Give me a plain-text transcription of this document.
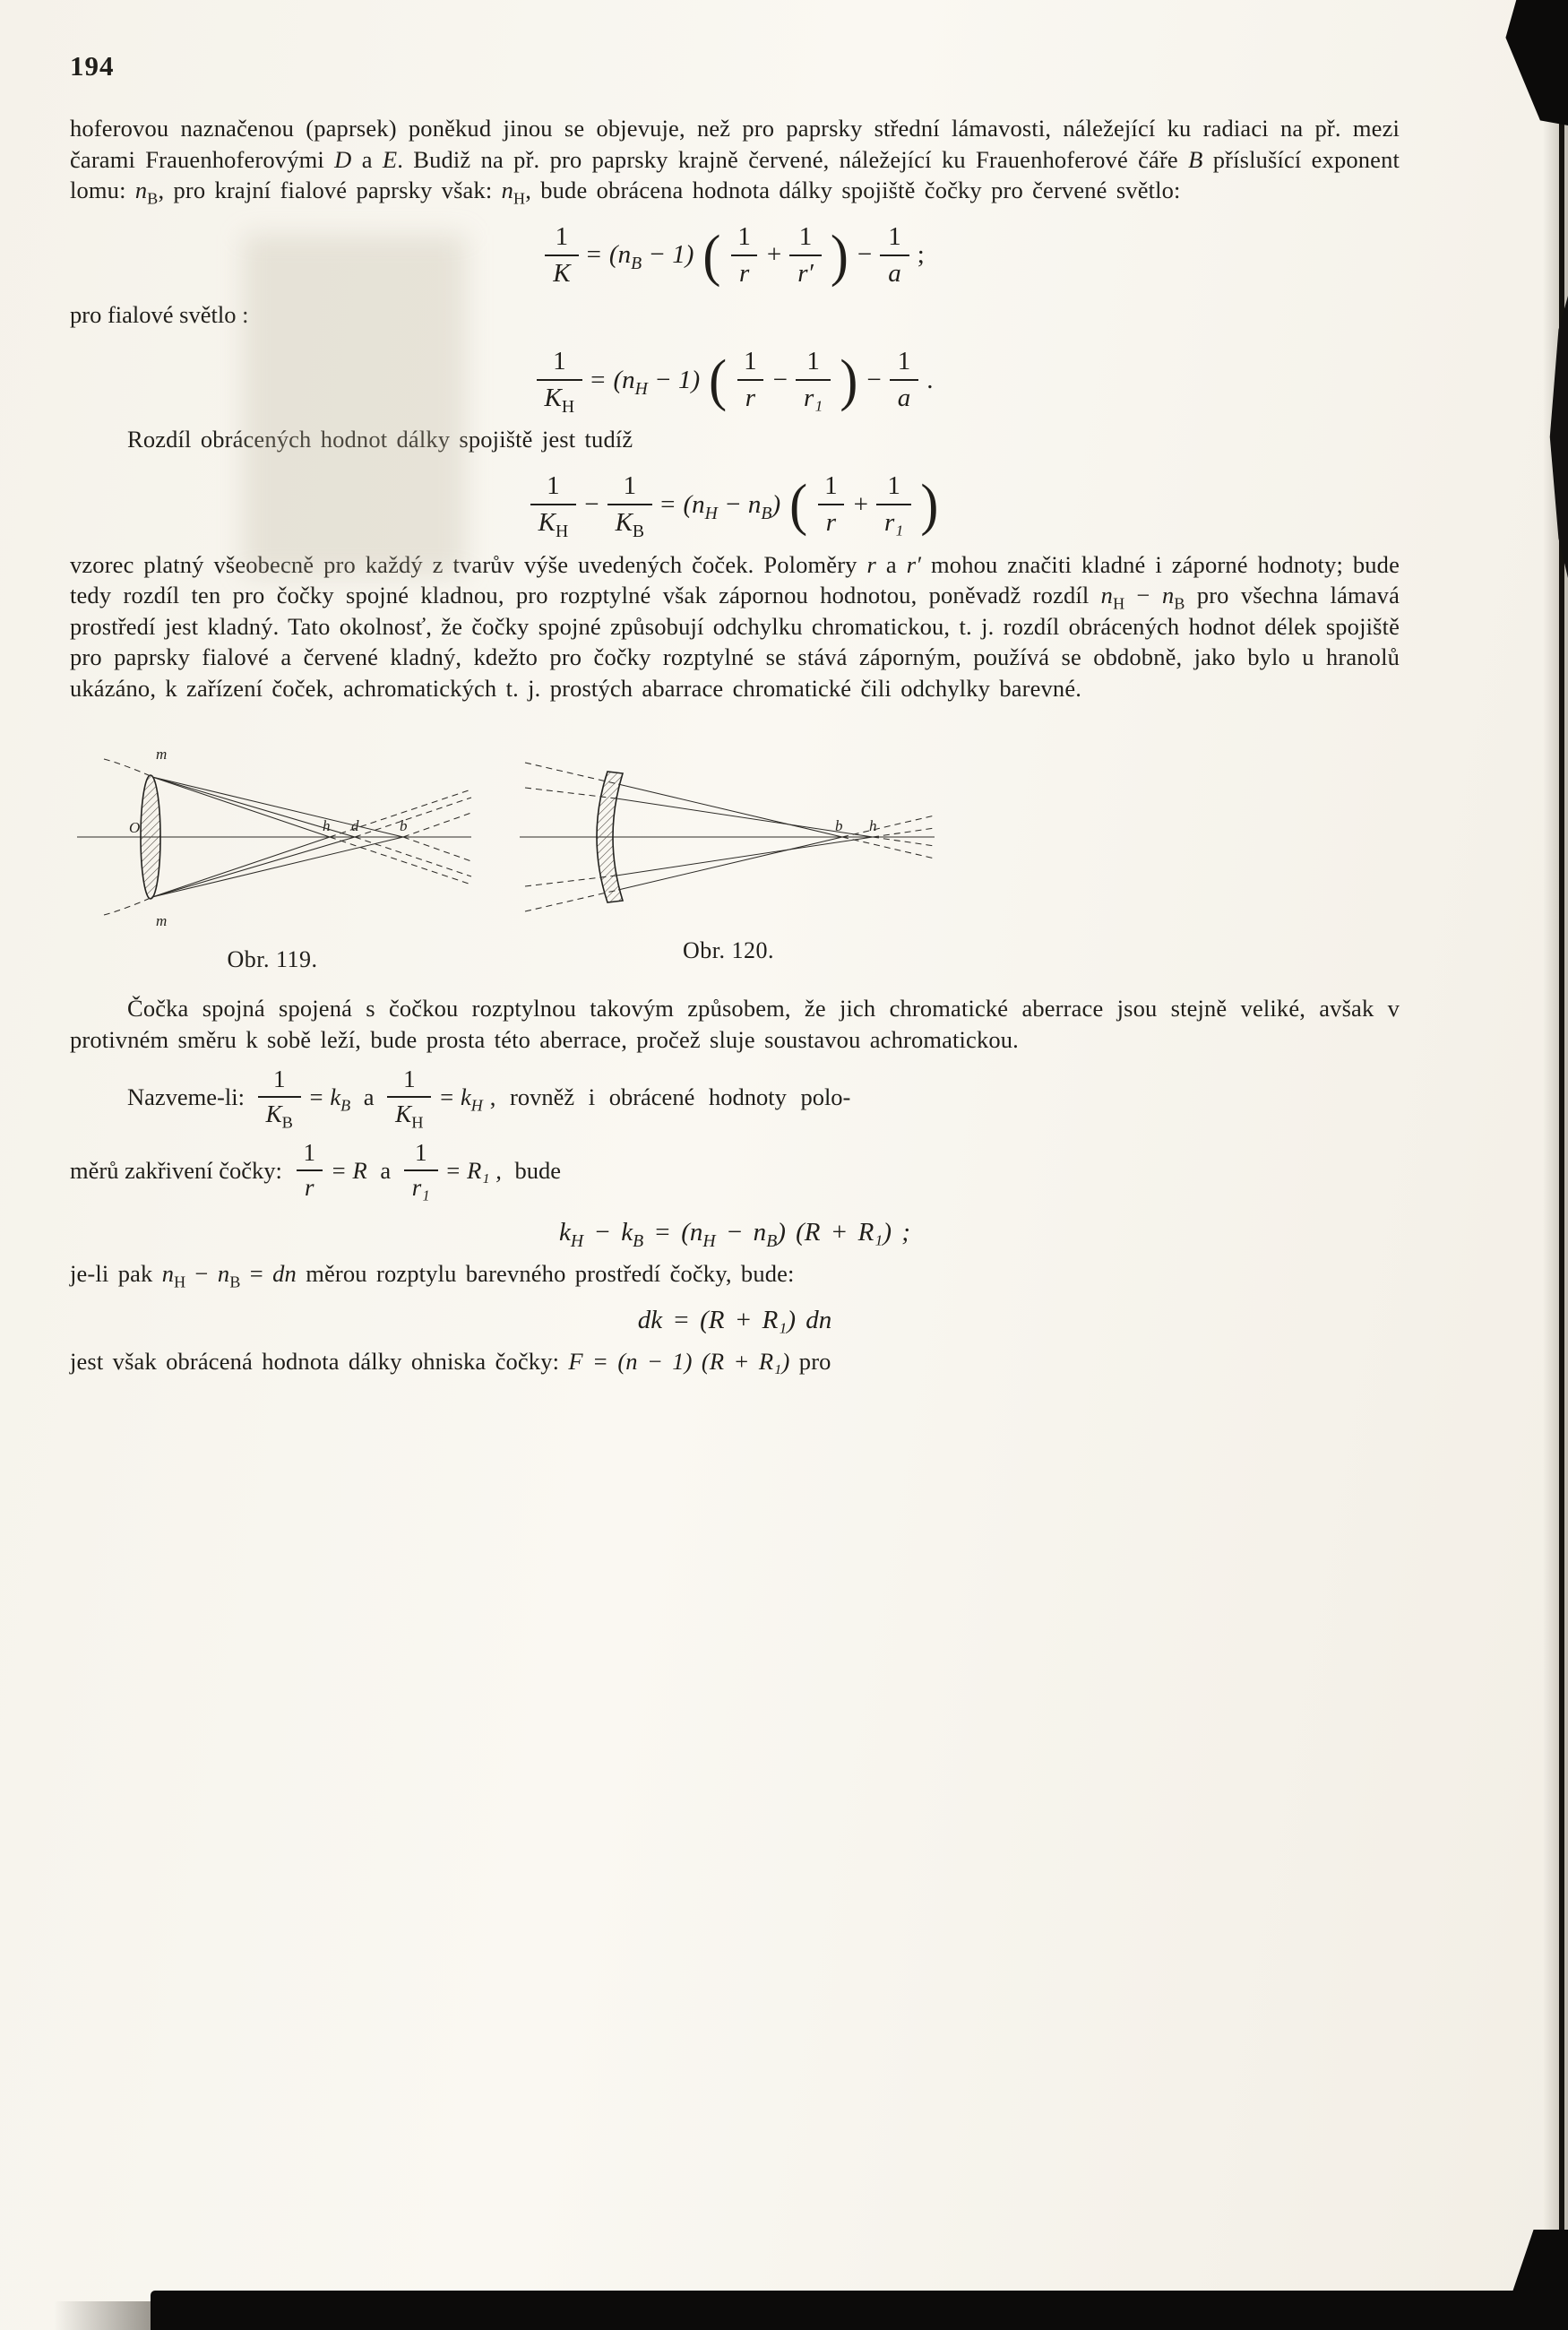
194

hoferovou naznačenou (paprsek) poněkud jinou se objevuje, než pro paprsky střední lámavosti, náležející ku radiaci na př. mezi čarami Frauenhoferovými D a E. Budiž na př. pro paprsky krajně červené, náležející ku Frauenhoferové čáře B příslušící exponent lomu: $n_B$, pro krajní fialové paprsky však: $n_H$, bude obrácena hodnota dálky spojiště čočky pro červené světlo:

$\frac{1}{K} = (n_B - 1)$ ( $\frac{1}{r} + \frac{1}{r'}$ ) − $\frac{1}{a}$ ;

pro fialové světlo :

$\frac{1}{K_H} = (n_H - 1)$ ( $\frac{1}{r} - \frac{1}{\text{r₁}}$ ) − $\frac{1}{a}$ .

Rozdíl obrácených hodnot dálky spojiště jest tudíž

$\frac{1}{K_H} - \frac{1}{K_B} = (n_H - n_B)$ ( $\frac{1}{r} + \frac{1}{\text{r₁}}$ )

vzorec platný všeobecně pro každý z tvarův výše uvedených čoček. Poloměry r a r′ mohou značiti kladné i záporné hodnoty; bude tedy rozdíl ten pro čočky spojné kladnou, pro rozptylné však zápornou hodnotou, poněvadž rozdíl $n_H - n_B$ pro všechna lámavá prostředí jest kladný. Tato okolnosť, že čočky spojné způsobují odchylku chromatickou, t. j. rozdíl obrácených hodnot délek spojiště pro paprsky fialové a červené kladný, kdežto pro čočky rozptylné se stává záporným, používá se obdobně, jako bylo u hranolů ukázáno, k zařízení čoček, achromatických t. j. prostých abarrace chromatické čili odchylky barevné.

m
O
m
h d	b
Obr. 119.
b h
Obr. 120.

Čočka spojná spojená s čočkou rozptylnou takovým způsobem, že jich chromatické aberrace jsou stejně veliké, avšak v protivném směru k sobě leží, bude prosta této aberrace, pročež sluje soustavou achromatickou.

Nazveme-li: $\frac{1}{K_B} = k_B$ a $\frac{1}{K_H} = k_H$ , rovněž i obrácené hodnoty polo-
měrů zakřivení čočky: $\frac{1}{r} = R$ a $\frac{1}{\text{r₁}} = R_1$ , bude
$k_H - k_B = (n_H - n_B) (R + R_1)$ ;

je-li pak $n_H - n_B$ = dn měrou rozptylu barevného prostředí čočky, bude:

dk = (R + R₁) dn

jest však obrácená hodnota dálky ohniska čočky: F = (n − 1) (R + R₁) pro
